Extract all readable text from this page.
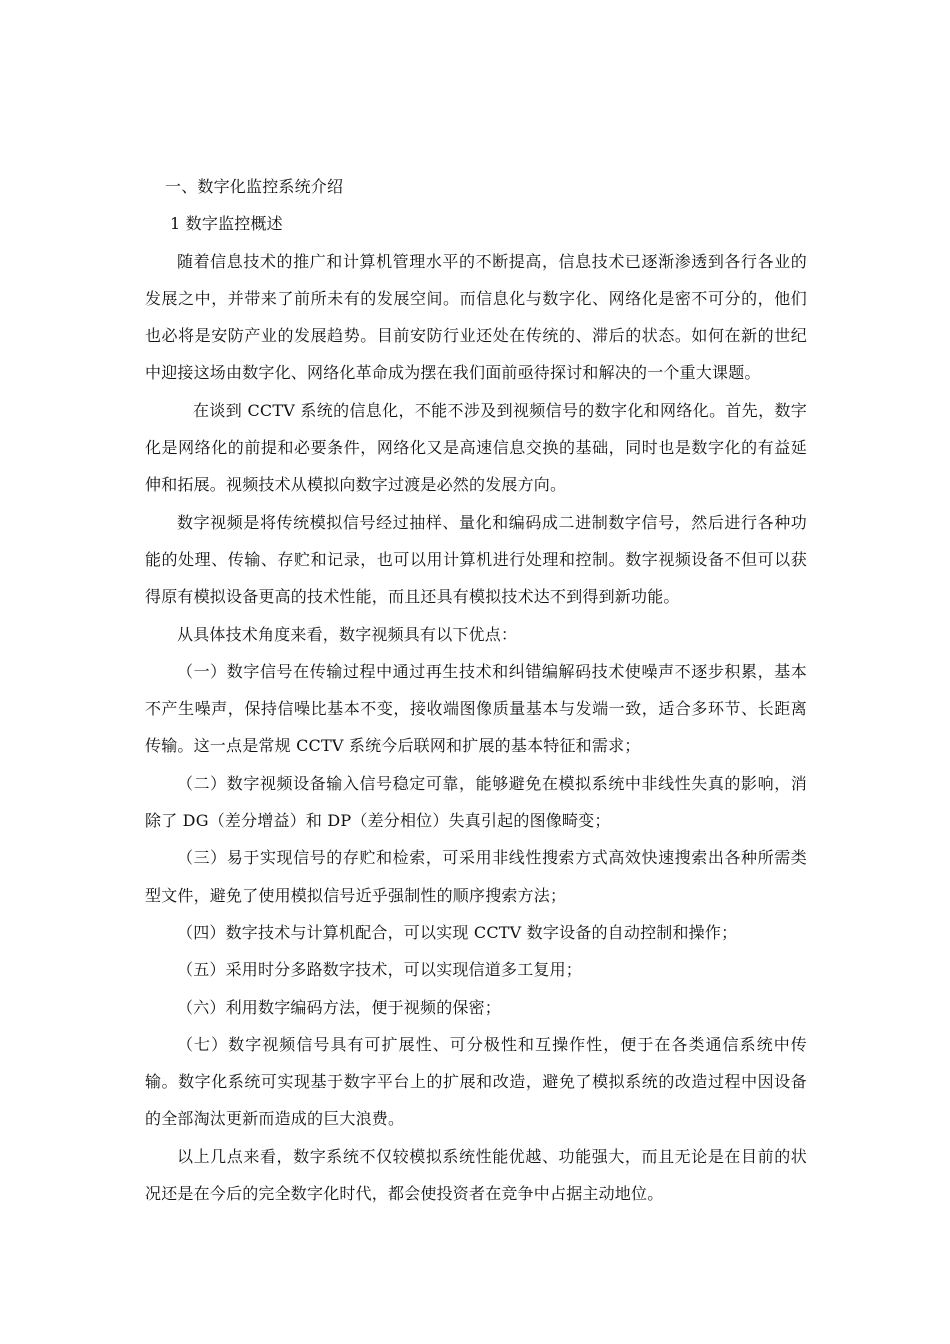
一、数字化监控系统介绍
1 数字监控概述

随着信息技术的推广和计算机管理水平的不断提高，信息技术已逐渐渗透到各行各业的发展之中，并带来了前所未有的发展空间。而信息化与数字化、网络化是密不可分的，他们也必将是安防产业的发展趋势。目前安防行业还处在传统的、滞后的状态。如何在新的世纪中迎接这场由数字化、网络化革命成为摆在我们面前亟待探讨和解决的一个重大课题。

在谈到 CCTV 系统的信息化，不能不涉及到视频信号的数字化和网络化。首先，数字化是网络化的前提和必要条件，网络化又是高速信息交换的基础，同时也是数字化的有益延伸和拓展。视频技术从模拟向数字过渡是必然的发展方向。

数字视频是将传统模拟信号经过抽样、量化和编码成二进制数字信号，然后进行各种功能的处理、传输、存贮和记录，也可以用计算机进行处理和控制。数字视频设备不但可以获得原有模拟设备更高的技术性能，而且还具有模拟技术达不到得到新功能。

从具体技术角度来看，数字视频具有以下优点：

（一）数字信号在传输过程中通过再生技术和纠错编解码技术使噪声不逐步积累，基本不产生噪声，保持信噪比基本不变，接收端图像质量基本与发端一致，适合多环节、长距离传输。这一点是常规 CCTV 系统今后联网和扩展的基本特征和需求；

（二）数字视频设备输入信号稳定可靠，能够避免在模拟系统中非线性失真的影响，消除了 DG（差分增益）和 DP（差分相位）失真引起的图像畸变；

（三）易于实现信号的存贮和检索，可采用非线性搜索方式高效快速搜索出各种所需类型文件，避免了使用模拟信号近乎强制性的顺序搜索方法；

（四）数字技术与计算机配合，可以实现 CCTV 数字设备的自动控制和操作；

（五）采用时分多路数字技术，可以实现信道多工复用；

（六）利用数字编码方法，便于视频的保密；

（七）数字视频信号具有可扩展性、可分极性和互操作性，便于在各类通信系统中传输。数字化系统可实现基于数字平台上的扩展和改造，避免了模拟系统的改造过程中因设备的全部淘汰更新而造成的巨大浪费。

以上几点来看，数字系统不仅较模拟系统性能优越、功能强大，而且无论是在目前的状况还是在今后的完全数字化时代，都会使投资者在竞争中占据主动地位。
